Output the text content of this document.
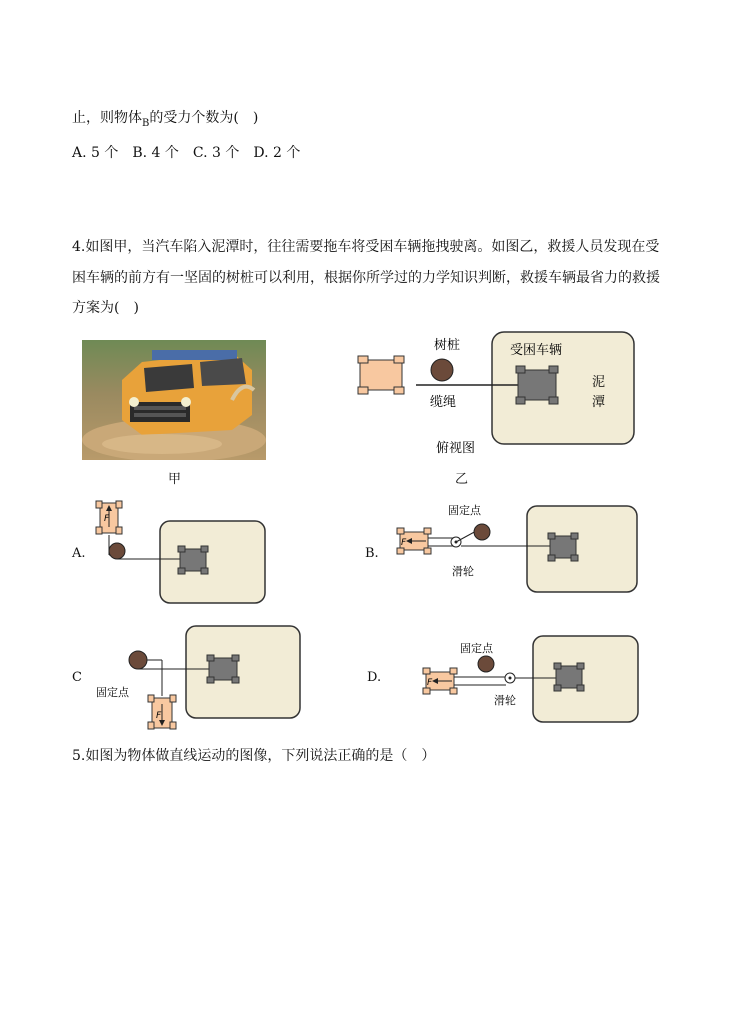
止，则物体$_B$的受力个数为(　)
A. 5 个　B. 4 个　C. 3 个　D. 2 个
4.如图甲，当汽车陷入泥潭时，往往需要拖车将受困车辆拖拽驶离。如图乙，救援人员发现在受
困车辆的前方有一坚固的树桩可以利用，根据你所学过的力学知识判断，救援车辆最省力的救援
方案为(　)
甲
树桩	受困车辆
缆绳
泥
潭
俯视图
乙
A.
F
B.
F
固定点
滑轮
C
F
固定点
D.	F
固定点
滑轮
5.如图为物体做直线运动的图像，下列说法正确的是（　）
